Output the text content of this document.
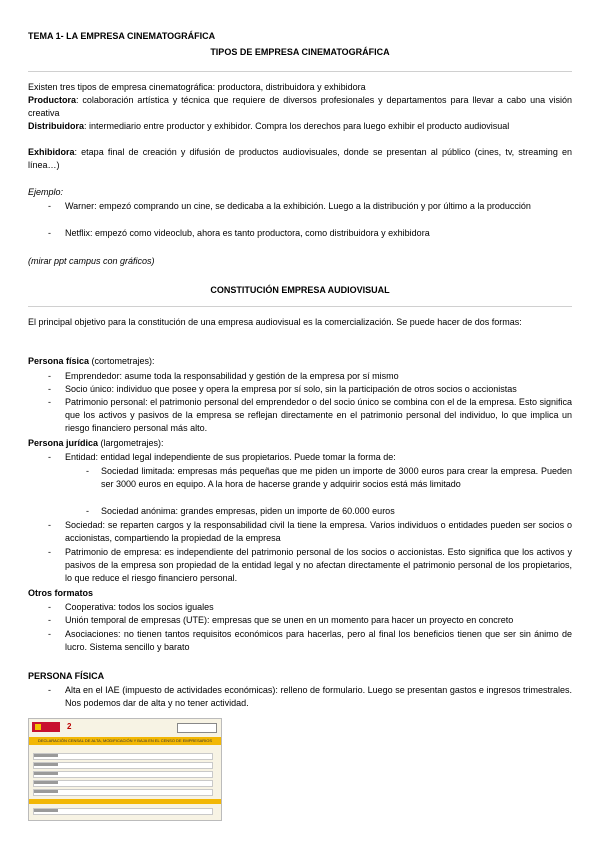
TEMA 1- LA EMPRESA CINEMATOGRÁFICA

TIPOS DE EMPRESA CINEMATOGRÁFICA

Existen tres tipos de empresa cinematográfica: productora, distribuidora y exhibidora

Productora: colaboración artística y técnica que requiere de diversos profesionales y departamentos para llevar a cabo una visión creativa

Distribuidora: intermediario entre productor y exhibidor. Compra los derechos para luego exhibir el producto audiovisual

Exhibidora: etapa final de creación y difusión de productos audiovisuales, donde se presentan al público (cines, tv, streaming en línea…)

Ejemplo:

- Warner: empezó comprando un cine, se dedicaba a la exhibición. Luego a la distribución y por último a la producción

- Netflix: empezó como videoclub, ahora es tanto productora, como distribuidora y exhibidora

(mirar ppt campus con gráficos)

CONSTITUCIÓN EMPRESA AUDIOVISUAL

El principal objetivo para la constitución de una empresa audiovisual es la comercialización. Se puede hacer de dos formas:

Persona física (cortometrajes):

- Emprendedor: asume toda la responsabilidad y gestión de la empresa por sí mismo

- Socio único: individuo que posee y opera la empresa por sí solo, sin la participación de otros socios o accionistas

- Patrimonio personal: el patrimonio personal del emprendedor o del socio único se combina con el de la empresa. Esto significa que los activos y pasivos de la empresa se reflejan directamente en el patrimonio personal del individuo, lo que implica un riesgo financiero personal más alto.

Persona jurídica (largometrajes):

- Entidad: entidad legal independiente de sus propietarios. Puede tomar la forma de:

- Sociedad limitada: empresas más pequeñas que me piden un importe de 3000 euros para crear la empresa. Pueden ser 3000 euros en equipo. A la hora de hacerse grande y adquirir socios está más limitado

- Sociedad anónima: grandes empresas, piden un importe de 60.000 euros

- Sociedad: se reparten cargos y la responsabilidad civil la tiene la empresa. Varios individuos o entidades pueden ser socios o accionistas, compartiendo la propiedad de la empresa

- Patrimonio de empresa: es independiente del patrimonio personal de los socios o accionistas. Esto significa que los activos y pasivos de la empresa son propiedad de la entidad legal y no afectan directamente el patrimonio personal de los propietarios, lo que reduce el riesgo financiero personal.

Otros formatos

- Cooperativa: todos los socios iguales

- Unión temporal de empresas (UTE): empresas que se unen en un momento para hacer un proyecto en concreto

- Asociaciones: no tienen tantos requisitos económicos para hacerlas, pero al final los beneficios tienen que ser sin ánimo de lucro. Sistema sencillo y barato

PERSONA FÍSICA

- Alta en el IAE (impuesto de actividades económicas): relleno de formulario. Luego se presentan gastos e ingresos trimestrales. Nos podemos dar de alta y no tener actividad.

2
DECLARACIÓN CENSAL DE ALTA, MODIFICACIÓN Y BAJA EN EL CENSO DE EMPRESARIOS
